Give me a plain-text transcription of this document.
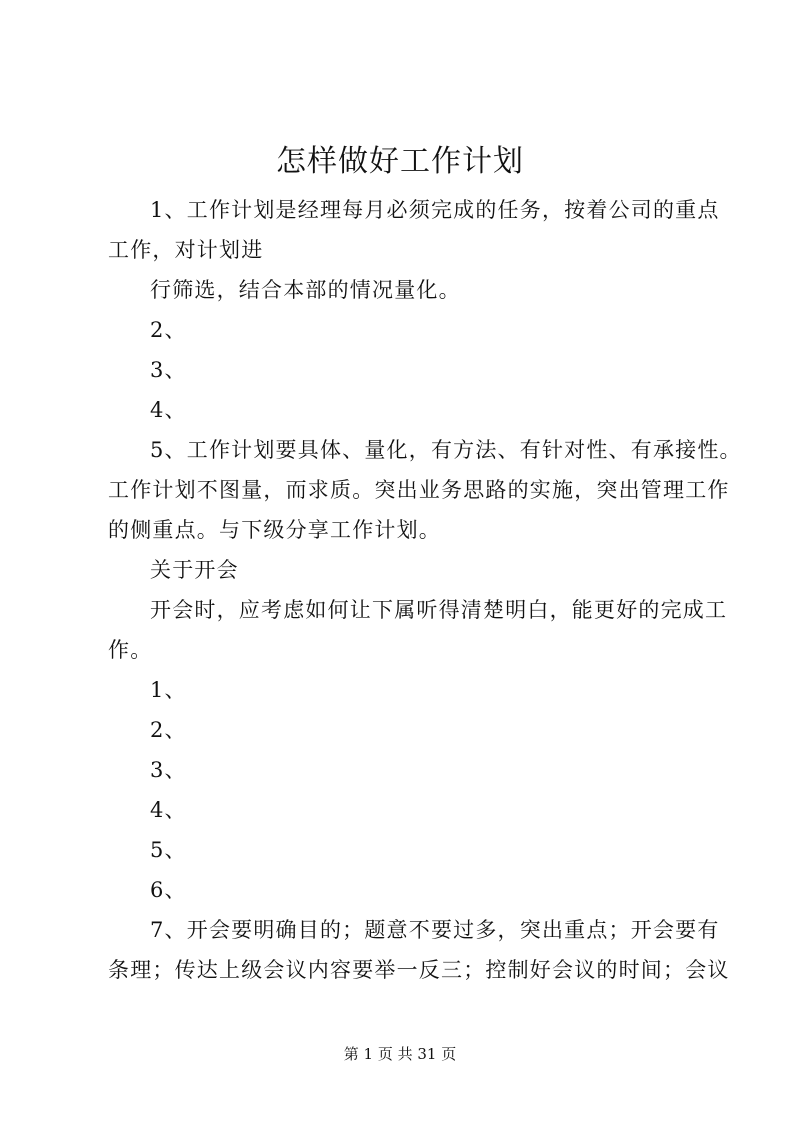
怎样做好工作计划
1、工作计划是经理每月必须完成的任务，按着公司的重点
工作，对计划进
行筛选，结合本部的情况量化。
2、
3、
4、
5、工作计划要具体、量化，有方法、有针对性、有承接性。
工作计划不图量，而求质。突出业务思路的实施，突出管理工作
的侧重点。与下级分享工作计划。
关于开会
开会时，应考虑如何让下属听得清楚明白，能更好的完成工
作。
1、
2、
3、
4、
5、
6、
7、开会要明确目的；题意不要过多，突出重点；开会要有
条理；传达上级会议内容要举一反三；控制好会议的时间；会议
第 1 页 共 31 页
